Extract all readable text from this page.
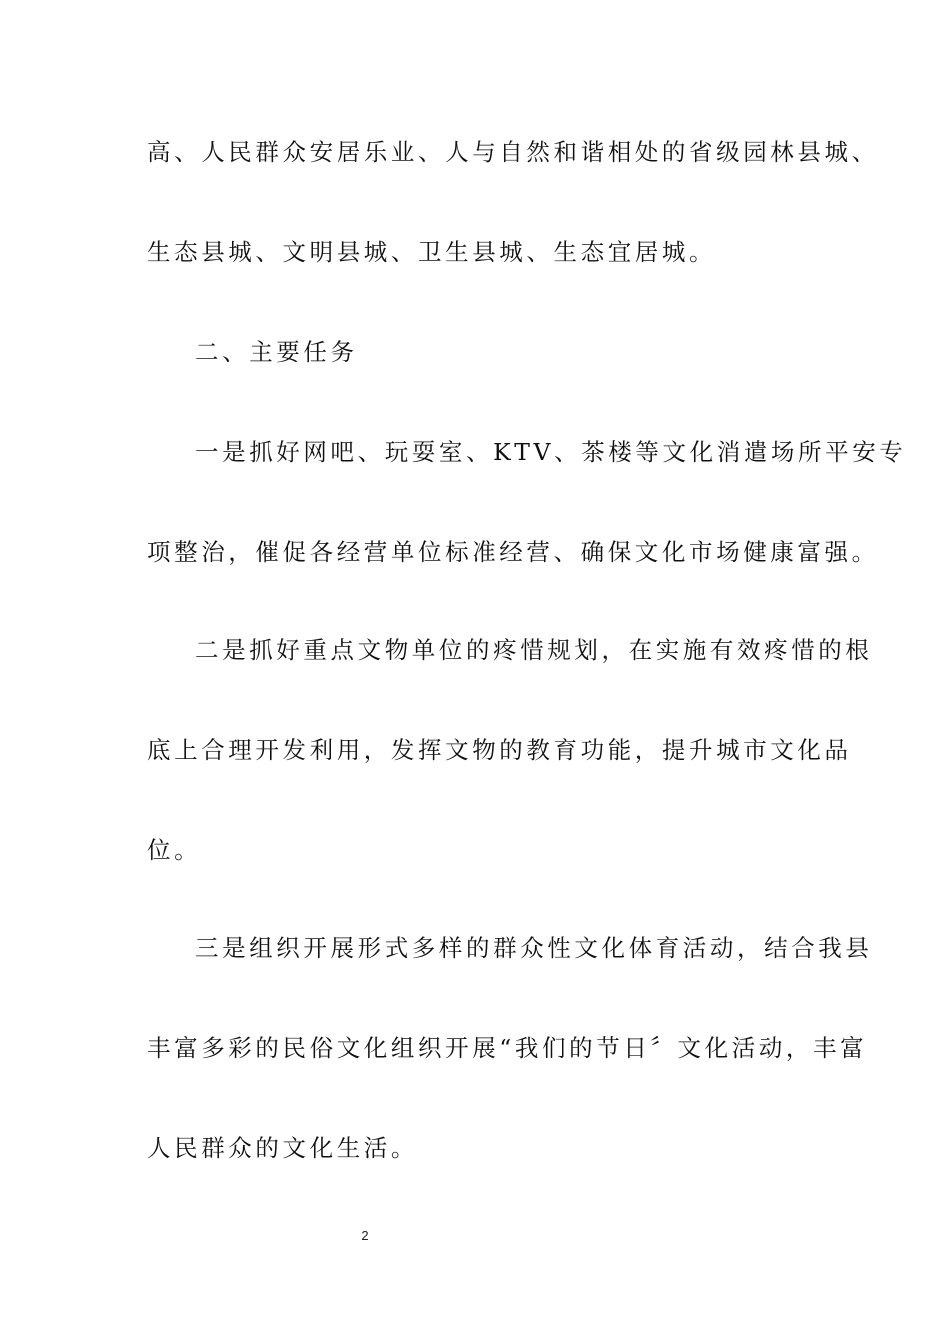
高、人民群众安居乐业、人与自然和谐相处的省级园林县城、
生态县城、文明县城、卫生县城、生态宜居城。
二、主要任务
一是抓好网吧、玩耍室、KTV、茶楼等文化消遣场所平安专
项整治，催促各经营单位标准经营、确保文化市场健康富强。
二是抓好重点文物单位的疼惜规划，在实施有效疼惜的根
底上合理开发利用，发挥文物的教育功能，提升城市文化品
位。
三是组织开展形式多样的群众性文化体育活动，结合我县
丰富多彩的民俗文化组织开展“我们的节日〞文化活动，丰富
人民群众的文化生活。
2
